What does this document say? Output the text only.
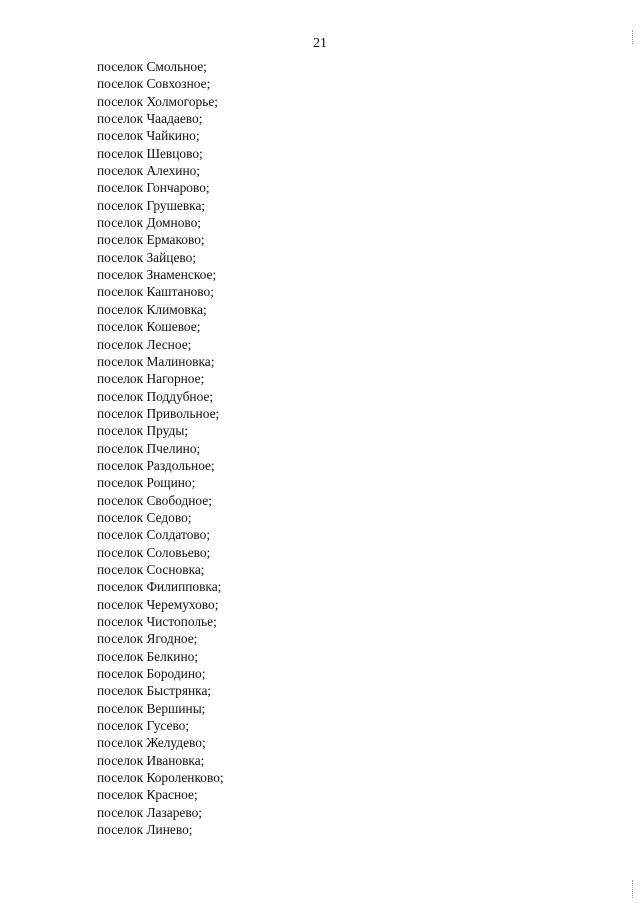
21
поселок Смольное;
поселок Совхозное;
поселок Холмогорье;
поселок Чаадаево;
поселок Чайкино;
поселок Шевцово;
поселок Алехино;
поселок Гончарово;
поселок Грушевка;
поселок Домново;
поселок Ермаково;
поселок Зайцево;
поселок Знаменское;
поселок Каштаново;
поселок Климовка;
поселок Кошевое;
поселок Лесное;
поселок Малиновка;
поселок Нагорное;
поселок Поддубное;
поселок Привольное;
поселок Пруды;
поселок Пчелино;
поселок Раздольное;
поселок Рощино;
поселок Свободное;
поселок Седово;
поселок Солдатово;
поселок Соловьево;
поселок Сосновка;
поселок Филипповка;
поселок Черемухово;
поселок Чистополье;
поселок Ягодное;
поселок Белкино;
поселок Бородино;
поселок Быстрянка;
поселок Вершины;
поселок Гусево;
поселок Желудево;
поселок Ивановка;
поселок Короленково;
поселок Красное;
поселок Лазарево;
поселок Линево;
